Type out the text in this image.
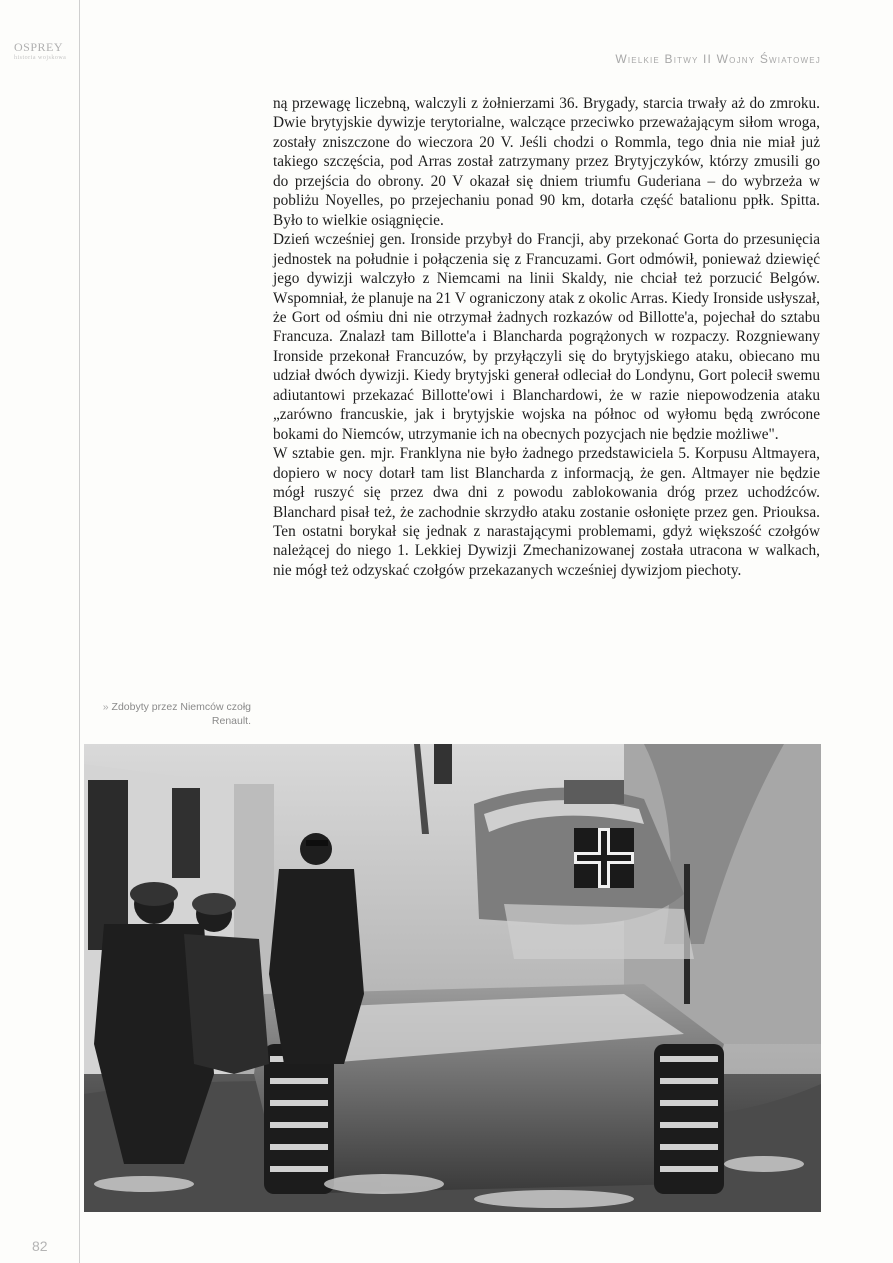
OSPREY
historia wojskowa	Wielkie Bitwy II Wojny Światowej

ną przewagę liczebną, walczyli z żołnierzami 36. Brygady, starcia trwały aż do zmroku. Dwie brytyjskie dywizje terytorialne, walczące przeciwko przeważającym siłom wroga, zostały zniszczone do wieczora 20 V. Jeśli chodzi o Rommla, tego dnia nie miał już takiego szczęścia, pod Arras został zatrzymany przez Brytyjczyków, którzy zmusili go do przejścia do obrony. 20 V okazał się dniem triumfu Guderiana – do wybrzeża w pobliżu Noyelles, po przejechaniu ponad 90 km, dotarła część batalionu ppłk. Spitta. Było to wielkie osiągnięcie.

Dzień wcześniej gen. Ironside przybył do Francji, aby przekonać Gorta do przesunięcia jednostek na południe i połączenia się z Francuzami. Gort odmówił, ponieważ dziewięć jego dywizji walczyło z Niemcami na linii Skaldy, nie chciał też porzucić Belgów. Wspomniał, że planuje na 21 V ograniczony atak z okolic Arras. Kiedy Ironside usłyszał, że Gort od ośmiu dni nie otrzymał żadnych rozkazów od Billotte'a, pojechał do sztabu Francuza. Znalazł tam Billotte'a i Blancharda pogrążonych w rozpaczy. Rozgniewany Ironside przekonał Francuzów, by przyłączyli się do brytyjskiego ataku, obiecano mu udział dwóch dywizji. Kiedy brytyjski generał odleciał do Londynu, Gort polecił swemu adiutantowi przekazać Billotte'owi i Blanchardowi, że w razie niepowodzenia ataku „zarówno francuskie, jak i brytyjskie wojska na północ od wyłomu będą zwrócone bokami do Niemców, utrzymanie ich na obecnych pozycjach nie będzie możliwe".

W sztabie gen. mjr. Franklyna nie było żadnego przedstawiciela 5. Korpusu Altmayera, dopiero w nocy dotarł tam list Blancharda z informacją, że gen. Altmayer nie będzie mógł ruszyć się przez dwa dni z powodu zablokowania dróg przez uchodźców. Blanchard pisał też, że zachodnie skrzydło ataku zostanie osłonięte przez gen. Priouksa. Ten ostatni borykał się jednak z narastającymi problemami, gdyż większość czołgów należącej do niego 1. Lekkiej Dywizji Zmechanizowanej została utracona w walkach, nie mógł też odzyskać czołgów przekazanych wcześniej dywizjom piechoty.

» Zdobyty przez Niemców czołg Renault.
82
